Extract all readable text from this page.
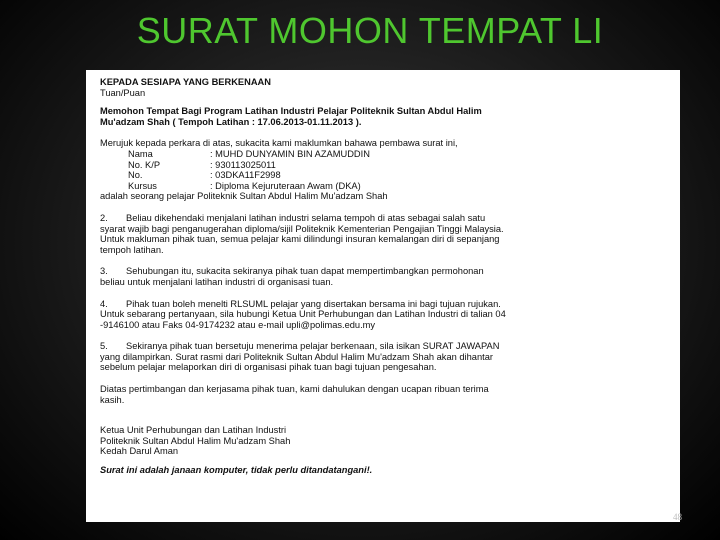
SURAT MOHON TEMPAT LI

KEPADA SESIAPA YANG BERKENAAN

Tuan/Puan

Memohon Tempat Bagi Program Latihan Industri Pelajar Politeknik Sultan Abdul Halim

Mu'adzam Shah ( Tempoh Latihan : 17.06.2013-01.11.2013 ).

Merujuk kepada perkara di atas, sukacita kami maklumkan bahawa pembawa surat ini,

Nama	: MUHD DUNYAMIN BIN AZAMUDDIN
No. K/P	: 930113025011
No.	: 03DKA11F2998
Kursus	: Diploma Kejuruteraan Awam (DKA)

adalah seorang pelajar Politeknik Sultan Abdul Halim Mu'adzam Shah

2.	Beliau dikehendaki menjalani latihan industri selama tempoh di atas sebagai salah satu

syarat wajib bagi penganugerahan diploma/sijil Politeknik Kementerian Pengajian Tinggi Malaysia.

Untuk makluman pihak tuan, semua pelajar kami dilindungi insuran kemalangan diri di sepanjang

tempoh latihan.

3.	Sehubungan itu, sukacita sekiranya pihak tuan dapat mempertimbangkan permohonan

beliau untuk menjalani latihan industri di organisasi tuan.

4.	Pihak tuan boleh menelti RLSUML pelajar yang disertakan bersama ini bagi tujuan rujukan.

Untuk sebarang pertanyaan, sila hubungi Ketua Unit Perhubungan dan Latihan Industri di talian 04

-9146100 atau Faks 04-9174232 atau e-mail upli@polimas.edu.my

5.	Sekiranya pihak tuan bersetuju menerima pelajar berkenaan, sila isikan SURAT JAWAPAN

yang dilampirkan. Surat rasmi dari Politeknik Sultan Abdul Halim Mu'adzam Shah akan dihantar

sebelum pelajar melaporkan diri di organisasi pihak tuan bagi tujuan pengesahan.

Diatas pertimbangan dan kerjasama pihak tuan, kami dahulukan dengan ucapan ribuan terima

kasih.

Ketua Unit Perhubungan dan Latihan Industri

Politeknik Sultan Abdul Halim Mu'adzam Shah

Kedah Darul Aman

Surat ini adalah janaan komputer, tidak perlu ditandatangani!.

48
